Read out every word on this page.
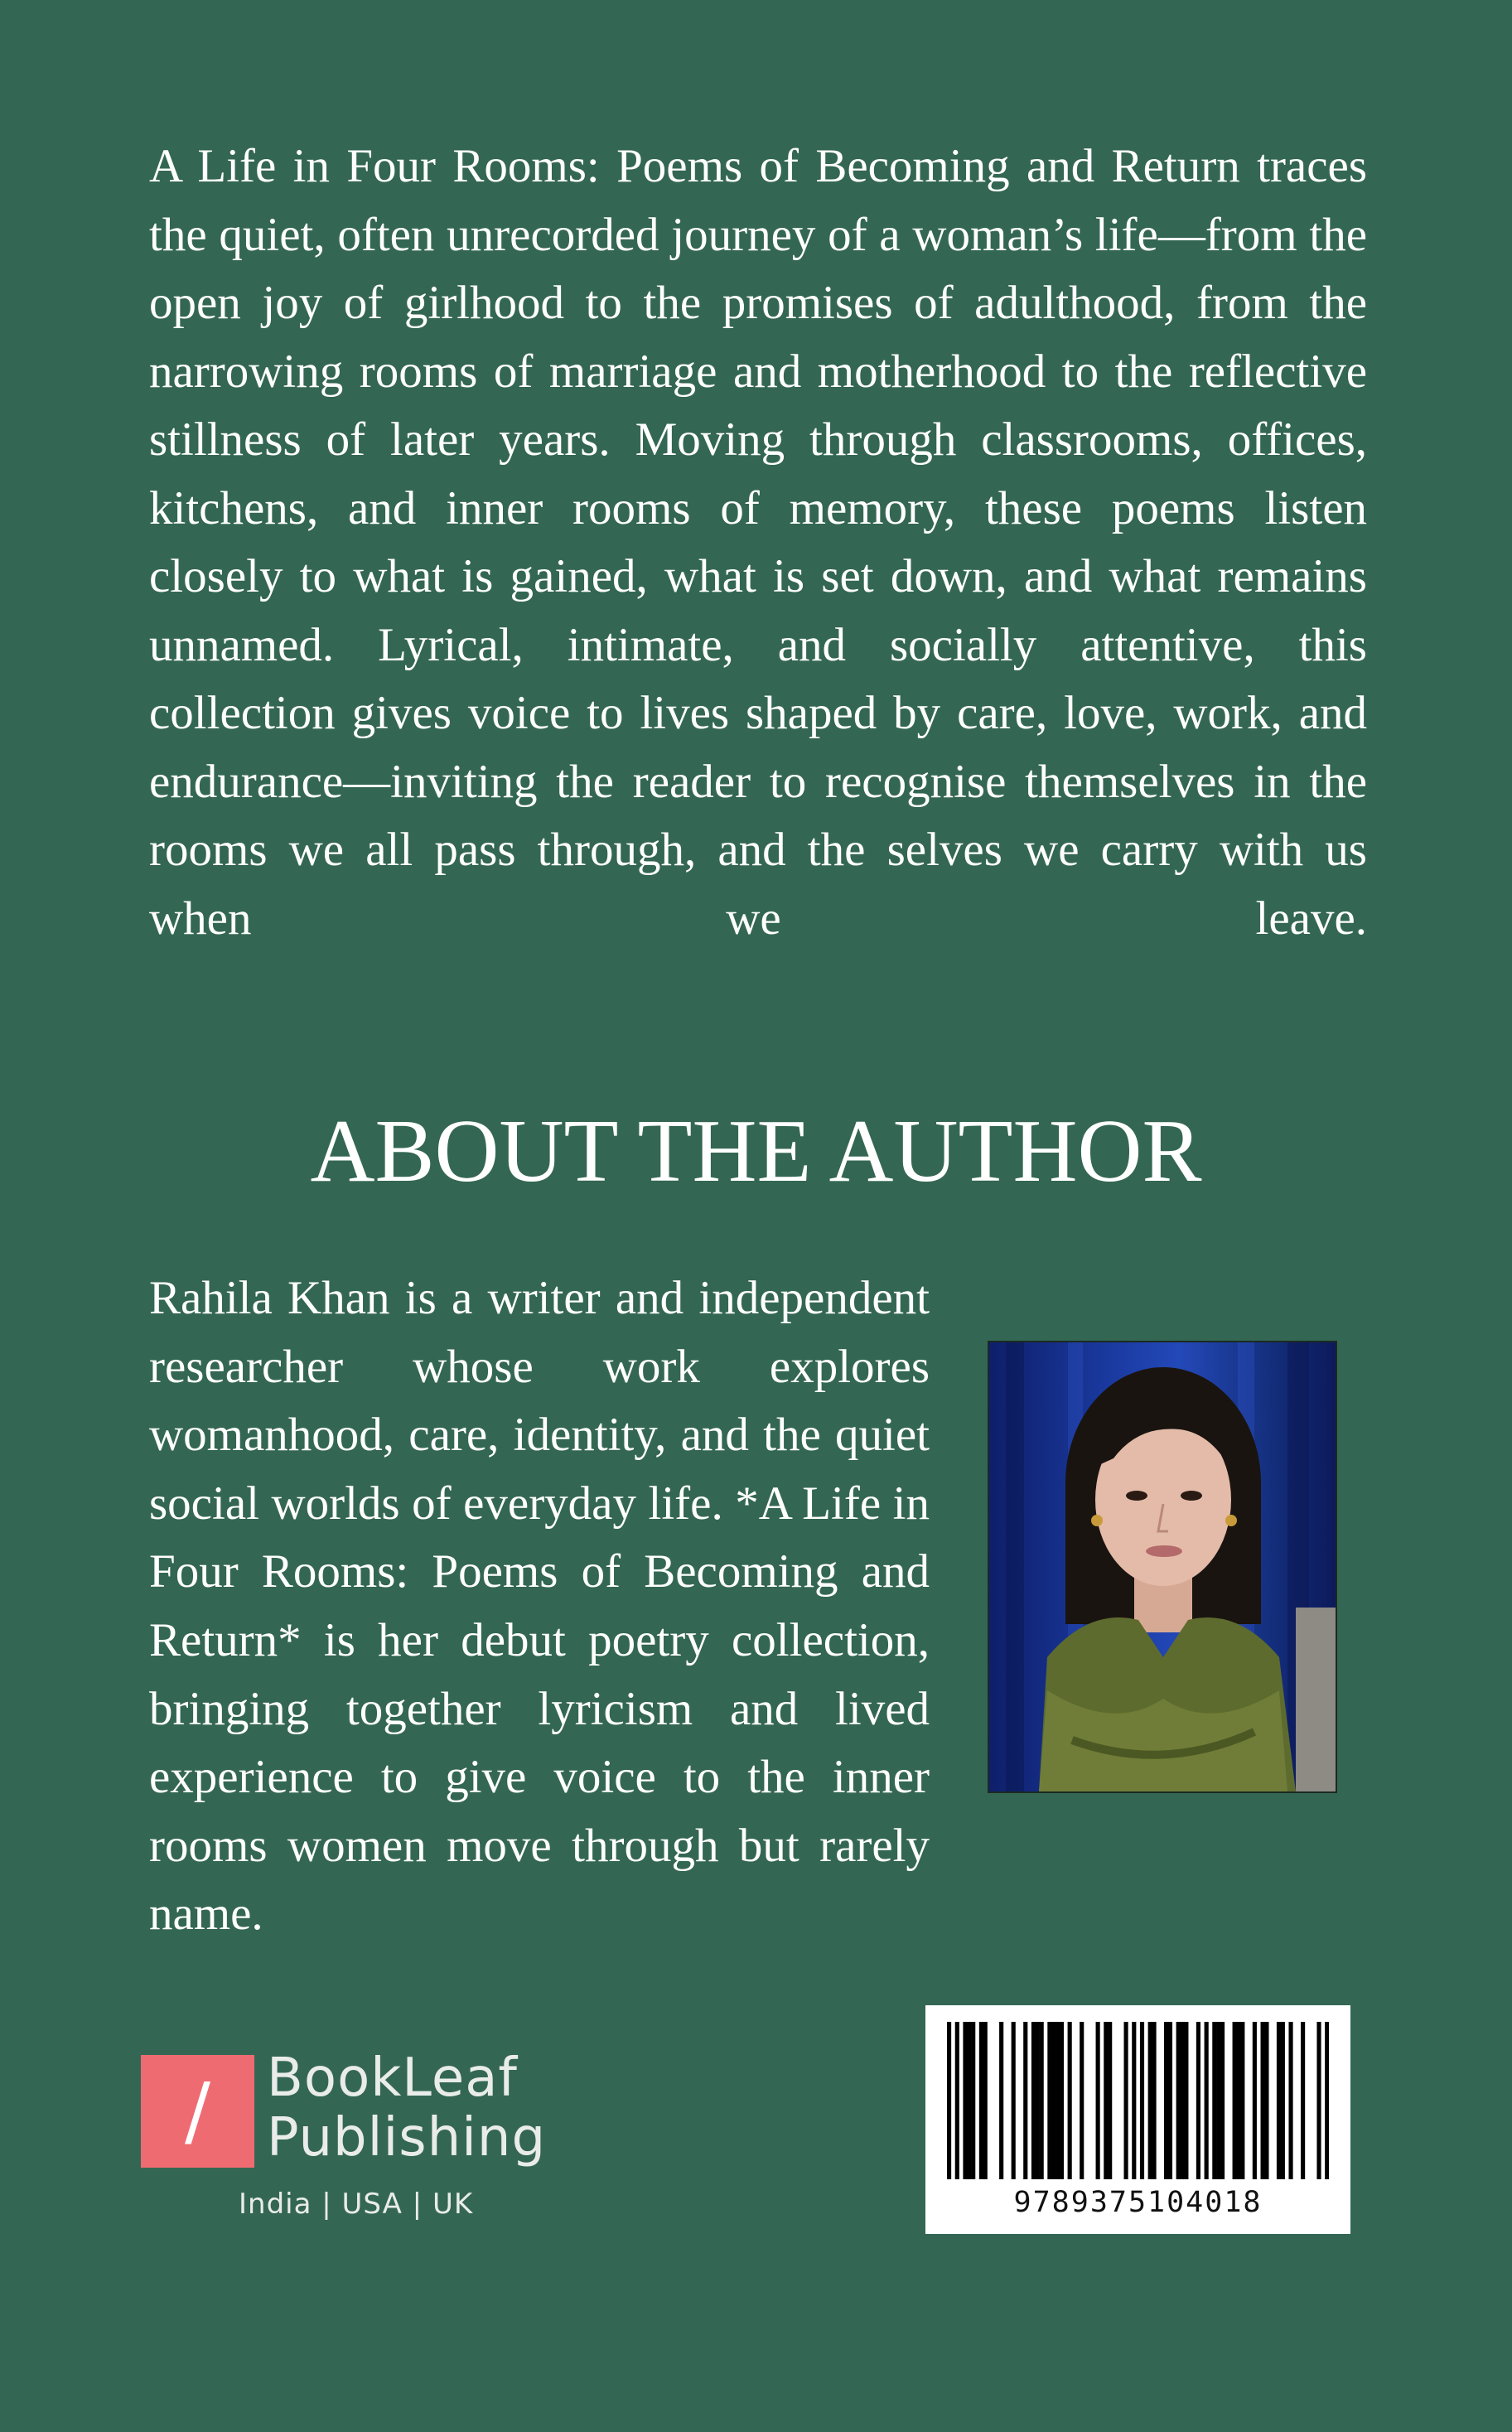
A Life in Four Rooms: Poems of Becoming and Return traces the quiet, often unrecorded journey of a woman’s life—from the open joy of girlhood to the promises of adulthood, from the narrowing rooms of marriage and motherhood to the reflective stillness of later years. Moving through classrooms, offices, kitchens, and inner rooms of memory, these poems listen closely to what is gained, what is set down, and what remains unnamed. Lyrical, intimate, and socially attentive, this collection gives voice to lives shaped by care, love, work, and endurance—inviting the reader to recognise themselves in the rooms we all pass through, and the selves we carry with us when we leave.

ABOUT THE AUTHOR

Rahila Khan is a writer and independent researcher whose work explores womanhood, care, identity, and the quiet social worlds of everyday life. *A Life in Four Rooms: Poems of Becoming and Return* is her debut poetry collection, bringing together lyricism and lived experience to give voice to the inner rooms women move through but rarely name.

/	BookLeaf
Publishing
India | USA | UK	9789375104018
